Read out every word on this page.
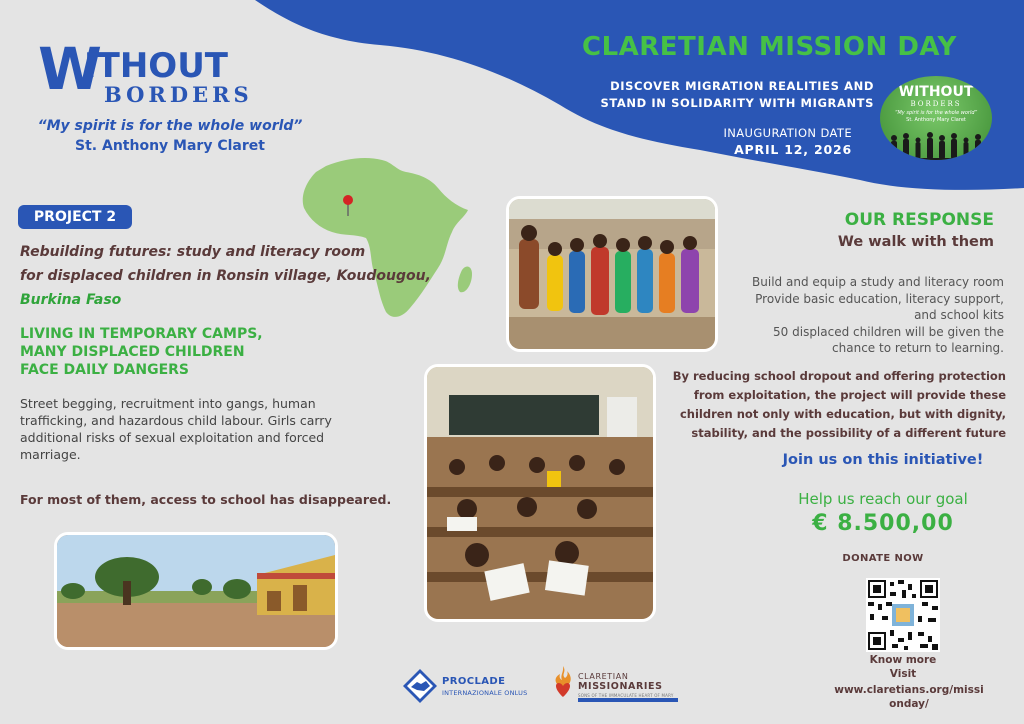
W
ITHOUT
BORDERS
“My spirit is for the whole world”
St. Anthony Mary Claret
CLARETIAN MISSION DAY
DISCOVER MIGRATION REALITIES AND
STAND IN SOLIDARITY WITH MIGRANTS
INAUGURATION DATE
APRIL 12, 2026
WITHOUT
BORDERS
“My spirit is for the whole world”
St. Anthony Mary Claret
PROJECT 2
Rebuilding futures: study and literacy room
for displaced children in Ronsin village, Koudougou,
Burkina Faso
LIVING IN TEMPORARY CAMPS,
MANY DISPLACED CHILDREN
FACE DAILY DANGERS
Street begging, recruitment into gangs, human trafficking, and hazardous child labour. Girls carry additional risks of sexual exploitation and forced marriage.
For most of them, access to school has disappeared.
OUR RESPONSE
We walk with them
Build and equip a study and literacy room
Provide basic education, literacy support,
and school kits
50 displaced children will be given the
chance to return to learning.
By reducing school dropout and offering protection
from exploitation, the project will provide these
children not only with education, but with dignity,
stability, and the possibility of a different future
Join us on this initiative!
Help us reach our goal
€ 8.500,00
DONATE NOW
Know more
Visit
www.claretians.org/missionday/
PROCLADE
INTERNAZIONALE ONLUS
CLARETIAN
MISSIONARIES
SONS OF THE IMMACULATE HEART OF MARY
